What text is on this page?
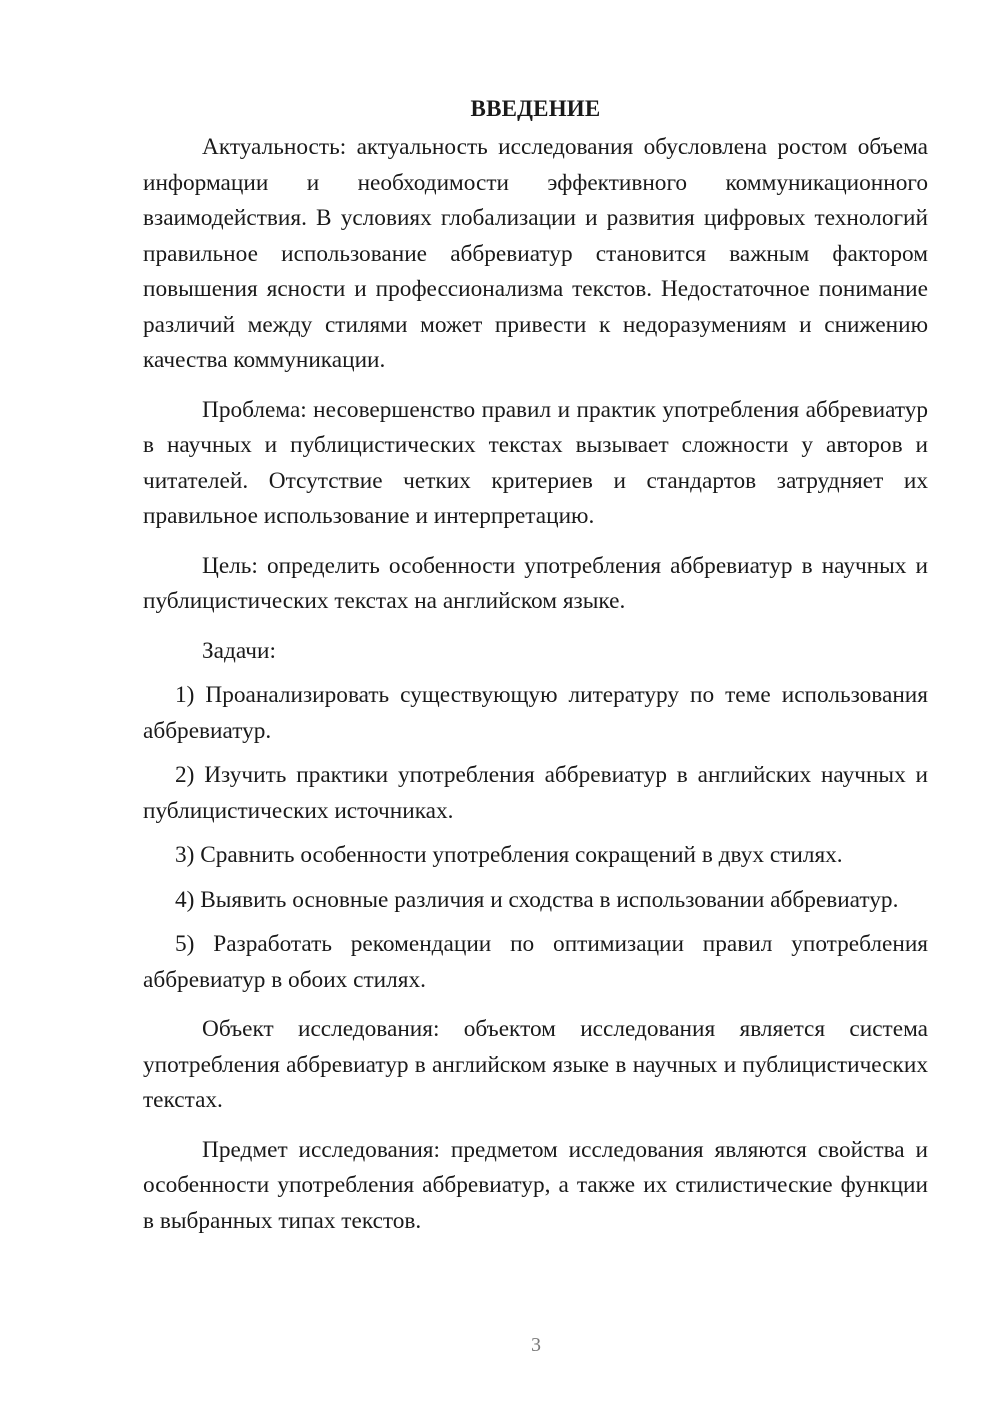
ВВЕДЕНИЕ

Актуальность: актуальность исследования обусловлена ростом объема информации и необходимости эффективного коммуникационного взаимодействия. В условиях глобализации и развития цифровых технологий правильное использование аббревиатур становится важным фактором повышения ясности и профессионализма текстов. Недостаточное понимание различий между стилями может привести к недоразумениям и снижению качества коммуникации.

Проблема: несовершенство правил и практик употребления аббревиатур в научных и публицистических текстах вызывает сложности у авторов и читателей. Отсутствие четких критериев и стандартов затрудняет их правильное использование и интерпретацию.

Цель: определить особенности употребления аббревиатур в научных и публицистических текстах на английском языке.

Задачи:

1) Проанализировать существующую литературу по теме использования аббревиатур.

2) Изучить практики употребления аббревиатур в английских научных и публицистических источниках.

3) Сравнить особенности употребления сокращений в двух стилях.

4) Выявить основные различия и сходства в использовании аббревиатур.

5) Разработать рекомендации по оптимизации правил употребления аббревиатур в обоих стилях.

Объект исследования: объектом исследования является система употребления аббревиатур в английском языке в научных и публицистических текстах.

Предмет исследования: предметом исследования являются свойства и особенности употребления аббревиатур, а также их стилистические функции в выбранных типах текстов.

3
